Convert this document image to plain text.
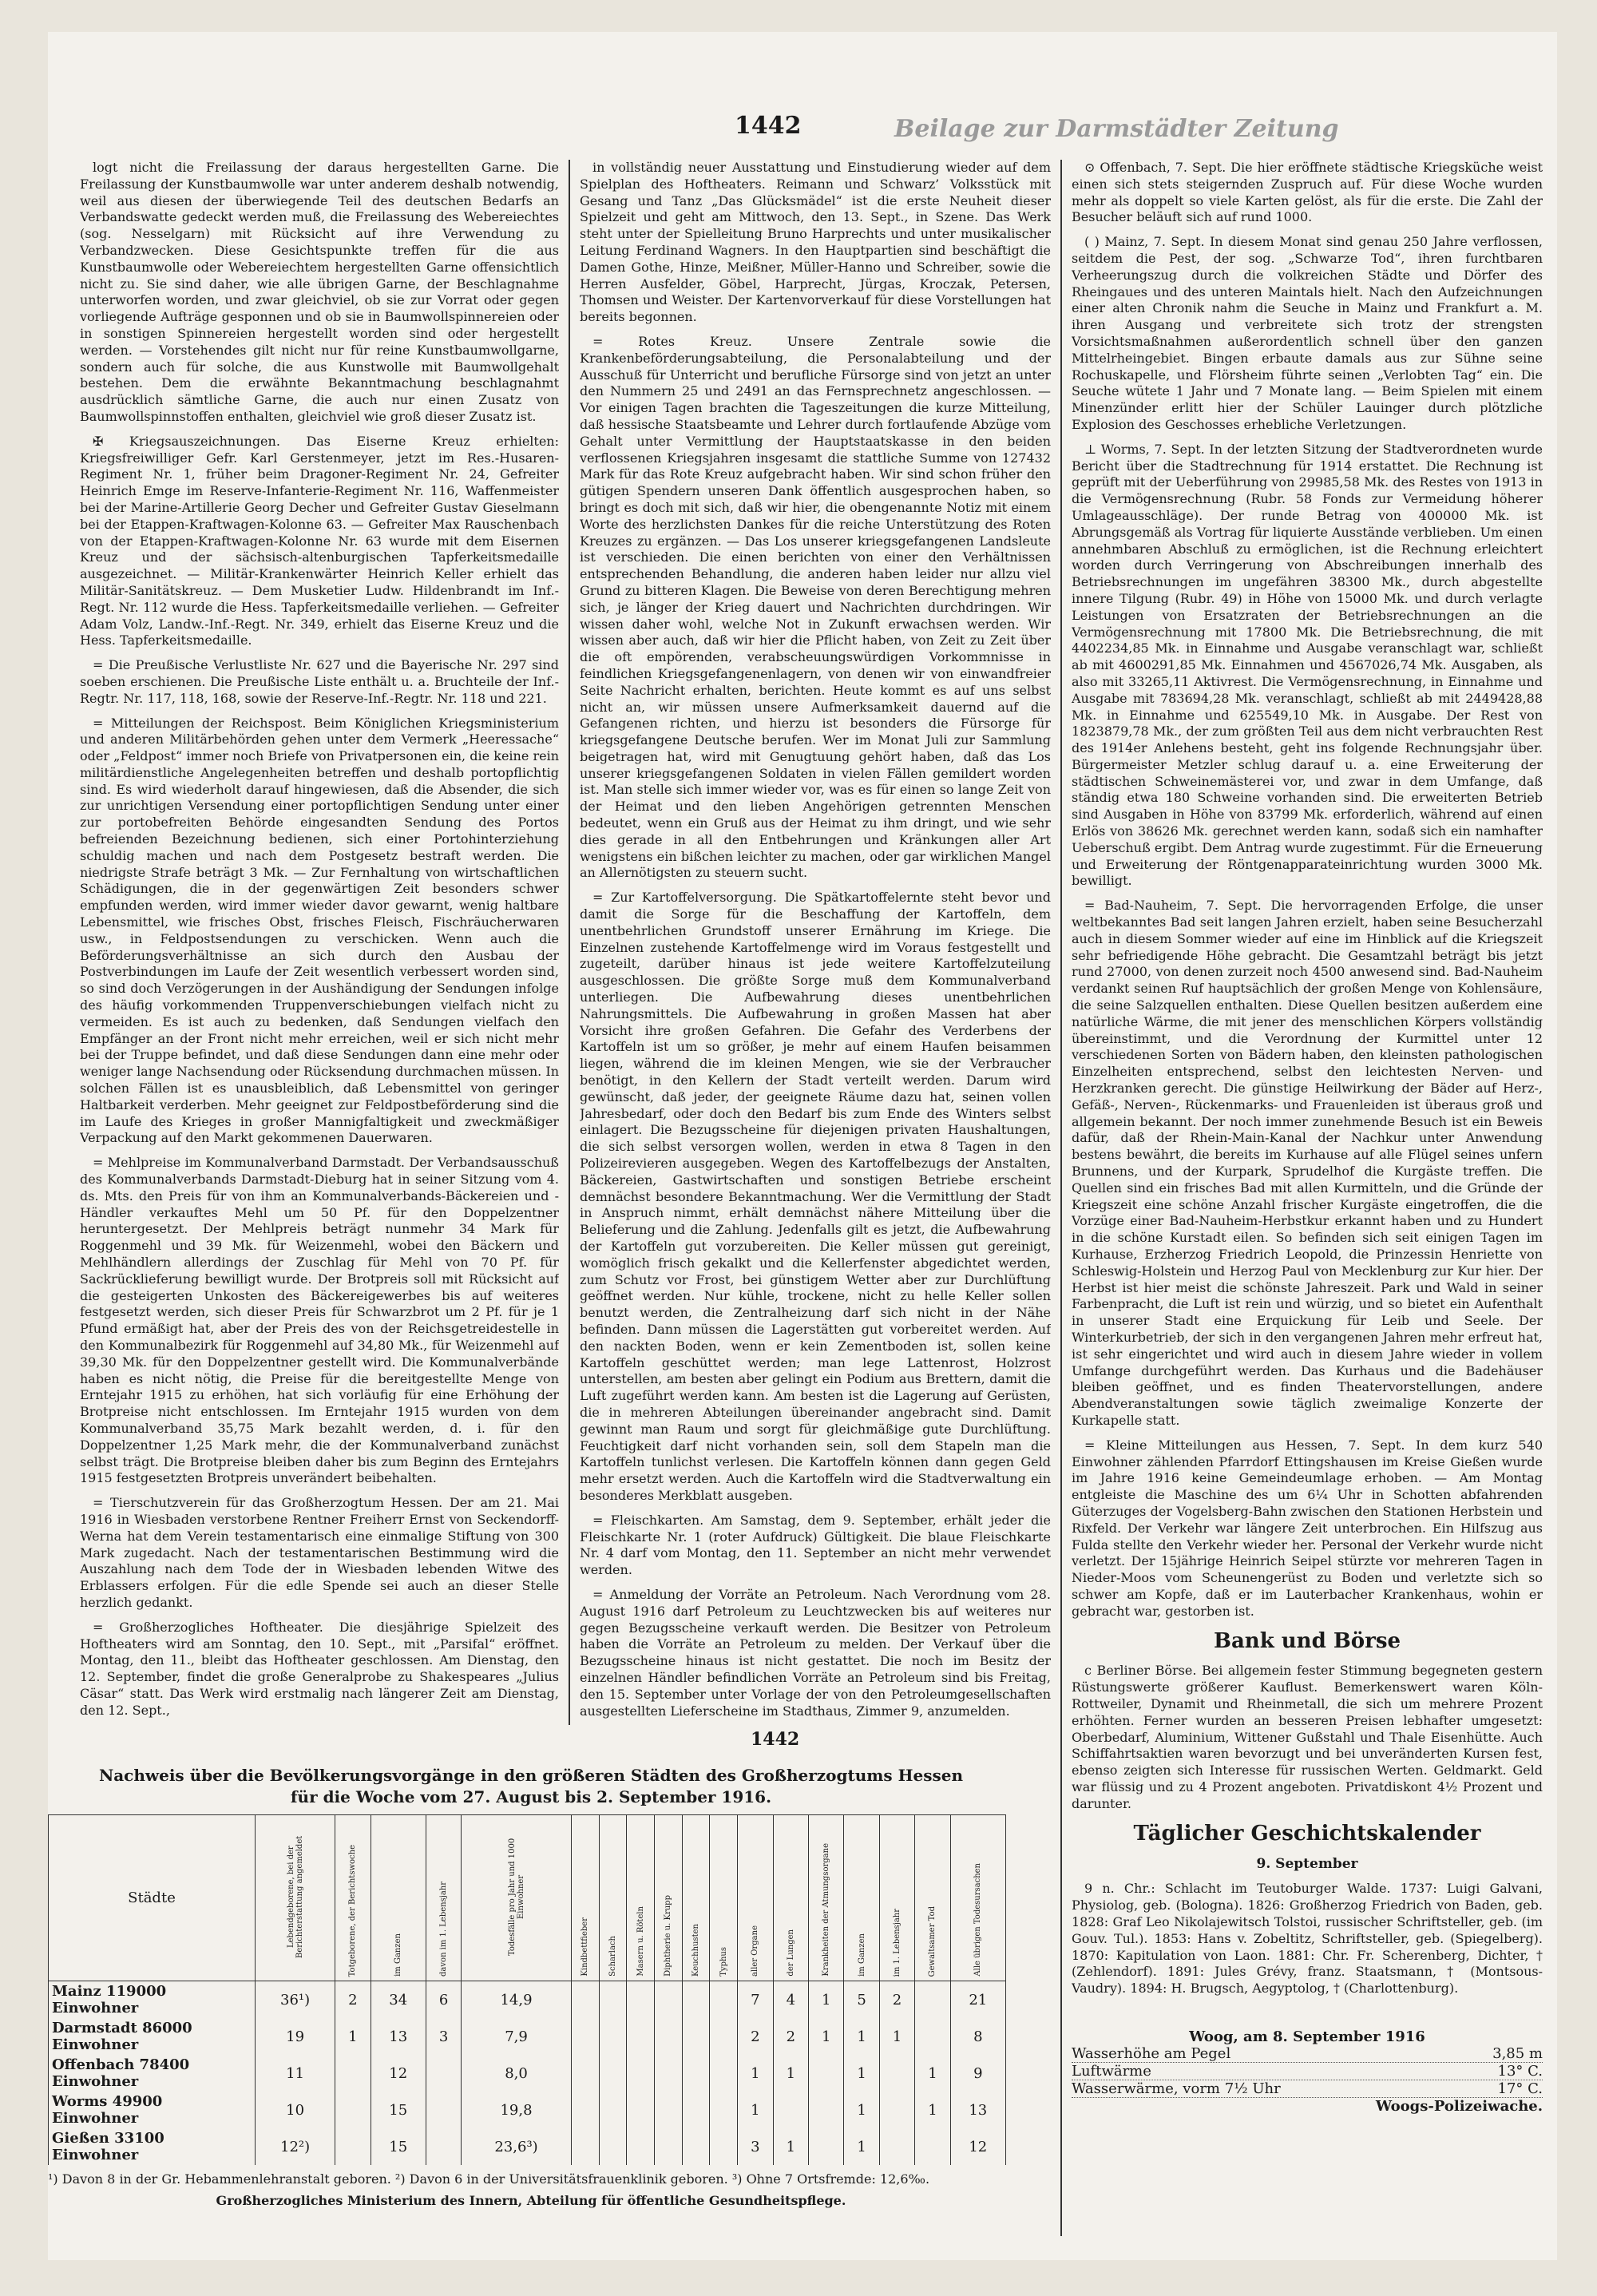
1442	Beilage zur Darmstädter Zeitung

logt nicht die Freilassung der daraus hergestellten Garne. Die Freilassung der Kunstbaumwolle war unter anderem deshalb notwendig, weil aus diesen der überwiegende Teil des deutschen Bedarfs an Verbandswatte gedeckt werden muß, die Freilassung des Webereiechtes (sog. Nesselgarn) mit Rücksicht auf ihre Verwendung zu Verbandzwecken. Diese Gesichtspunkte treffen für die aus Kunstbaumwolle oder Webereiechtem hergestellten Garne offensichtlich nicht zu. Sie sind daher, wie alle übrigen Garne, der Beschlagnahme unterworfen worden, und zwar gleichviel, ob sie zur Vorrat oder gegen vorliegende Aufträge gesponnen und ob sie in Baumwollspinnereien oder in sonstigen Spinnereien hergestellt worden sind oder hergestellt werden. — Vorstehendes gilt nicht nur für reine Kunstbaumwollgarne, sondern auch für solche, die aus Kunstwolle mit Baumwollgehalt bestehen. Dem die erwähnte Bekanntmachung beschlagnahmt ausdrücklich sämtliche Garne, die auch nur einen Zusatz von Baumwollspinnstoffen enthalten, gleichviel wie groß dieser Zusatz ist.

✠ Kriegsauszeichnungen. Das Eiserne Kreuz erhielten: Kriegsfreiwilliger Gefr. Karl Gerstenmeyer, jetzt im Res.-Husaren-Regiment Nr. 1, früher beim Dragoner-Regiment Nr. 24, Gefreiter Heinrich Emge im Reserve-Infanterie-Regiment Nr. 116, Waffenmeister bei der Marine-Artillerie Georg Decher und Gefreiter Gustav Gieselmann bei der Etappen-Kraftwagen-Kolonne 63. — Gefreiter Max Rauschenbach von der Etappen-Kraftwagen-Kolonne Nr. 63 wurde mit dem Eisernen Kreuz und der sächsisch-altenburgischen Tapferkeitsmedaille ausgezeichnet. — Militär-Krankenwärter Heinrich Keller erhielt das Militär-Sanitätskreuz. — Dem Musketier Ludw. Hildenbrandt im Inf.-Regt. Nr. 112 wurde die Hess. Tapferkeitsmedaille verliehen. — Gefreiter Adam Volz, Landw.-Inf.-Regt. Nr. 349, erhielt das Eiserne Kreuz und die Hess. Tapferkeitsmedaille.

= Die Preußische Verlustliste Nr. 627 und die Bayerische Nr. 297 sind soeben erschienen. Die Preußische Liste enthält u. a. Bruchteile der Inf.-Regtr. Nr. 117, 118, 168, sowie der Reserve-Inf.-Regtr. Nr. 118 und 221.

= Mitteilungen der Reichspost. Beim Königlichen Kriegsministerium und anderen Militärbehörden gehen unter dem Vermerk „Heeressache“ oder „Feldpost“ immer noch Briefe von Privatpersonen ein, die keine rein militärdienstliche Angelegenheiten betreffen und deshalb portopflichtig sind. Es wird wiederholt darauf hingewiesen, daß die Absender, die sich zur unrichtigen Versendung einer portopflichtigen Sendung unter einer zur portobefreiten Behörde eingesandten Sendung des Portos befreienden Bezeichnung bedienen, sich einer Portohinterziehung schuldig machen und nach dem Postgesetz bestraft werden. Die niedrigste Strafe beträgt 3 Mk. — Zur Fernhaltung von wirtschaftlichen Schädigungen, die in der gegenwärtigen Zeit besonders schwer empfunden werden, wird immer wieder davor gewarnt, wenig haltbare Lebensmittel, wie frisches Obst, frisches Fleisch, Fischräucherwaren usw., in Feldpostsendungen zu verschicken. Wenn auch die Beförderungsverhältnisse an sich durch den Ausbau der Postverbindungen im Laufe der Zeit wesentlich verbessert worden sind, so sind doch Verzögerungen in der Aushändigung der Sendungen infolge des häufig vorkommenden Truppenverschiebungen vielfach nicht zu vermeiden. Es ist auch zu bedenken, daß Sendungen vielfach den Empfänger an der Front nicht mehr erreichen, weil er sich nicht mehr bei der Truppe befindet, und daß diese Sendungen dann eine mehr oder weniger lange Nachsendung oder Rücksendung durchmachen müssen. In solchen Fällen ist es unausbleiblich, daß Lebensmittel von geringer Haltbarkeit verderben. Mehr geeignet zur Feldpostbeförderung sind die im Laufe des Krieges in großer Mannigfaltigkeit und zweckmäßiger Verpackung auf den Markt gekommenen Dauerwaren.

= Mehlpreise im Kommunalverband Darmstadt. Der Verbandsausschuß des Kommunalverbands Darmstadt-Dieburg hat in seiner Sitzung vom 4. ds. Mts. den Preis für von ihm an Kommunalverbands-Bäckereien und -Händler verkauftes Mehl um 50 Pf. für den Doppelzentner heruntergesetzt. Der Mehlpreis beträgt nunmehr 34 Mark für Roggenmehl und 39 Mk. für Weizenmehl, wobei den Bäckern und Mehlhändlern allerdings der Zuschlag für Mehl von 70 Pf. für Sackrücklieferung bewilligt wurde. Der Brotpreis soll mit Rücksicht auf die gesteigerten Unkosten des Bäckereigewerbes bis auf weiteres festgesetzt werden, sich dieser Preis für Schwarzbrot um 2 Pf. für je 1 Pfund ermäßigt hat, aber der Preis des von der Reichsgetreidestelle in den Kommunalbezirk für Roggenmehl auf 34,80 Mk., für Weizenmehl auf 39,30 Mk. für den Doppelzentner gestellt wird. Die Kommunalverbände haben es nicht nötig, die Preise für die bereitgestellte Menge von Erntejahr 1915 zu erhöhen, hat sich vorläufig für eine Erhöhung der Brotpreise nicht entschlossen. Im Erntejahr 1915 wurden von dem Kommunalverband 35,75 Mark bezahlt werden, d. i. für den Doppelzentner 1,25 Mark mehr, die der Kommunalverband zunächst selbst trägt. Die Brotpreise bleiben daher bis zum Beginn des Erntejahrs 1915 festgesetzten Brotpreis unverändert beibehalten.

= Tierschutzverein für das Großherzogtum Hessen. Der am 21. Mai 1916 in Wiesbaden verstorbene Rentner Freiherr Ernst von Seckendorff-Werna hat dem Verein testamentarisch eine einmalige Stiftung von 300 Mark zugedacht. Nach der testamentarischen Bestimmung wird die Auszahlung nach dem Tode der in Wiesbaden lebenden Witwe des Erblassers erfolgen. Für die edle Spende sei auch an dieser Stelle herzlich gedankt.

= Großherzogliches Hoftheater. Die diesjährige Spielzeit des Hoftheaters wird am Sonntag, den 10. Sept., mit „Parsifal“ eröffnet. Montag, den 11., bleibt das Hoftheater geschlossen. Am Dienstag, den 12. September, findet die große Generalprobe zu Shakespeares „Julius Cäsar“ statt. Das Werk wird erstmalig nach längerer Zeit am Dienstag, den 12. Sept.,

in vollständig neuer Ausstattung und Einstudierung wieder auf dem Spielplan des Hoftheaters. Reimann und Schwarz’ Volksstück mit Gesang und Tanz „Das Glücksmädel“ ist die erste Neuheit dieser Spielzeit und geht am Mittwoch, den 13. Sept., in Szene. Das Werk steht unter der Spielleitung Bruno Harprechts und unter musikalischer Leitung Ferdinand Wagners. In den Hauptpartien sind beschäftigt die Damen Gothe, Hinze, Meißner, Müller-Hanno und Schreiber, sowie die Herren Ausfelder, Göbel, Harprecht, Jürgas, Kroczak, Petersen, Thomsen und Weister. Der Kartenvorverkauf für diese Vorstellungen hat bereits begonnen.

= Rotes Kreuz. Unsere Zentrale sowie die Krankenbeförderungsabteilung, die Personalabteilung und der Ausschuß für Unterricht und berufliche Fürsorge sind von jetzt an unter den Nummern 25 und 2491 an das Fernsprechnetz angeschlossen. — Vor einigen Tagen brachten die Tageszeitungen die kurze Mitteilung, daß hessische Staatsbeamte und Lehrer durch fortlaufende Abzüge vom Gehalt unter Vermittlung der Hauptstaatskasse in den beiden verflossenen Kriegsjahren insgesamt die stattliche Summe von 127432 Mark für das Rote Kreuz aufgebracht haben. Wir sind schon früher den gütigen Spendern unseren Dank öffentlich ausgesprochen haben, so bringt es doch mit sich, daß wir hier, die obengenannte Notiz mit einem Worte des herzlichsten Dankes für die reiche Unterstützung des Roten Kreuzes zu ergänzen. — Das Los unserer kriegsgefangenen Landsleute ist verschieden. Die einen berichten von einer den Verhältnissen entsprechenden Behandlung, die anderen haben leider nur allzu viel Grund zu bitteren Klagen. Die Beweise von deren Berechtigung mehren sich, je länger der Krieg dauert und Nachrichten durchdringen. Wir wissen daher wohl, welche Not in Zukunft erwachsen werden. Wir wissen aber auch, daß wir hier die Pflicht haben, von Zeit zu Zeit über die oft empörenden, verabscheuungswürdigen Vorkommnisse in feindlichen Kriegsgefangenenlagern, von denen wir von einwandfreier Seite Nachricht erhalten, berichten. Heute kommt es auf uns selbst nicht an, wir müssen unsere Aufmerksamkeit dauernd auf die Gefangenen richten, und hierzu ist besonders die Fürsorge für kriegsgefangene Deutsche berufen. Wer im Monat Juli zur Sammlung beigetragen hat, wird mit Genugtuung gehört haben, daß das Los unserer kriegsgefangenen Soldaten in vielen Fällen gemildert worden ist. Man stelle sich immer wieder vor, was es für einen so lange Zeit von der Heimat und den lieben Angehörigen getrennten Menschen bedeutet, wenn ein Gruß aus der Heimat zu ihm dringt, und wie sehr dies gerade in all den Entbehrungen und Kränkungen aller Art wenigstens ein bißchen leichter zu machen, oder gar wirklichen Mangel an Allernötigsten zu steuern sucht.

= Zur Kartoffelversorgung. Die Spätkartoffelernte steht bevor und damit die Sorge für die Beschaffung der Kartoffeln, dem unentbehrlichen Grundstoff unserer Ernährung im Kriege. Die Einzelnen zustehende Kartoffelmenge wird im Voraus festgestellt und zugeteilt, darüber hinaus ist jede weitere Kartoffelzuteilung ausgeschlossen. Die größte Sorge muß dem Kommunalverband unterliegen. Die Aufbewahrung dieses unentbehrlichen Nahrungsmittels. Die Aufbewahrung in großen Massen hat aber Vorsicht ihre großen Gefahren. Die Gefahr des Verderbens der Kartoffeln ist um so größer, je mehr auf einem Haufen beisammen liegen, während die im kleinen Mengen, wie sie der Verbraucher benötigt, in den Kellern der Stadt verteilt werden. Darum wird gewünscht, daß jeder, der geeignete Räume dazu hat, seinen vollen Jahresbedarf, oder doch den Bedarf bis zum Ende des Winters selbst einlagert. Die Bezugsscheine für diejenigen privaten Haushaltungen, die sich selbst versorgen wollen, werden in etwa 8 Tagen in den Polizeirevieren ausgegeben. Wegen des Kartoffelbezugs der Anstalten, Bäckereien, Gastwirtschaften und sonstigen Betriebe erscheint demnächst besondere Bekanntmachung. Wer die Vermittlung der Stadt in Anspruch nimmt, erhält demnächst nähere Mitteilung über die Belieferung und die Zahlung. Jedenfalls gilt es jetzt, die Aufbewahrung der Kartoffeln gut vorzubereiten. Die Keller müssen gut gereinigt, womöglich frisch gekalkt und die Kellerfenster abgedichtet werden, zum Schutz vor Frost, bei günstigem Wetter aber zur Durchlüftung geöffnet werden. Nur kühle, trockene, nicht zu helle Keller sollen benutzt werden, die Zentralheizung darf sich nicht in der Nähe befinden. Dann müssen die Lagerstätten gut vorbereitet werden. Auf den nackten Boden, wenn er kein Zementboden ist, sollen keine Kartoffeln geschüttet werden; man lege Lattenrost, Holzrost unterstellen, am besten aber gelingt ein Podium aus Brettern, damit die Luft zugeführt werden kann. Am besten ist die Lagerung auf Gerüsten, die in mehreren Abteilungen übereinander angebracht sind. Damit gewinnt man Raum und sorgt für gleichmäßige gute Durchlüftung. Feuchtigkeit darf nicht vorhanden sein, soll dem Stapeln man die Kartoffeln tunlichst verlesen. Die Kartoffeln können dann gegen Geld mehr ersetzt werden. Auch die Kartoffeln wird die Stadtverwaltung ein besonderes Merkblatt ausgeben.

= Fleischkarten. Am Samstag, dem 9. September, erhält jeder die Fleischkarte Nr. 1 (roter Aufdruck) Gültigkeit. Die blaue Fleischkarte Nr. 4 darf vom Montag, den 11. September an nicht mehr verwendet werden.

= Anmeldung der Vorräte an Petroleum. Nach Verordnung vom 28. August 1916 darf Petroleum zu Leuchtzwecken bis auf weiteres nur gegen Bezugsscheine verkauft werden. Die Besitzer von Petroleum haben die Vorräte an Petroleum zu melden. Der Verkauf über die Bezugsscheine hinaus ist nicht gestattet. Die noch im Besitz der einzelnen Händler befindlichen Vorräte an Petroleum sind bis Freitag, den 15. September unter Vorlage der von den Petroleumgesellschaften ausgestellten Lieferscheine im Stadthaus, Zimmer 9, anzumelden.

⊙ Offenbach, 7. Sept. Die hier eröffnete städtische Kriegsküche weist einen sich stets steigernden Zuspruch auf. Für diese Woche wurden mehr als doppelt so viele Karten gelöst, als für die erste. Die Zahl der Besucher beläuft sich auf rund 1000.

( ) Mainz, 7. Sept. In diesem Monat sind genau 250 Jahre verflossen, seitdem die Pest, der sog. „Schwarze Tod“, ihren furchtbaren Verheerungszug durch die volkreichen Städte und Dörfer des Rheingaues und des unteren Maintals hielt. Nach den Aufzeichnungen einer alten Chronik nahm die Seuche in Mainz und Frankfurt a. M. ihren Ausgang und verbreitete sich trotz der strengsten Vorsichtsmaßnahmen außerordentlich schnell über den ganzen Mittelrheingebiet. Bingen erbaute damals aus zur Sühne seine Rochuskapelle, und Flörsheim führte seinen „Verlobten Tag“ ein. Die Seuche wütete 1 Jahr und 7 Monate lang. — Beim Spielen mit einem Minenzünder erlitt hier der Schüler Lauinger durch plötzliche Explosion des Geschosses erhebliche Verletzungen.

⊥ Worms, 7. Sept. In der letzten Sitzung der Stadtverordneten wurde Bericht über die Stadtrechnung für 1914 erstattet. Die Rechnung ist geprüft mit der Ueberführung von 29985,58 Mk. des Restes von 1913 in die Vermögensrechnung (Rubr. 58 Fonds zur Vermeidung höherer Umlageausschläge). Der runde Betrag von 400000 Mk. ist Abrungsgemäß als Vortrag für liquierte Ausstände verblieben. Um einen annehmbaren Abschluß zu ermöglichen, ist die Rechnung erleichtert worden durch Verringerung von Abschreibungen innerhalb des Betriebsrechnungen im ungefähren 38300 Mk., durch abgestellte innere Tilgung (Rubr. 49) in Höhe von 15000 Mk. und durch verlagte Leistungen von Ersatzraten der Betriebsrechnungen an die Vermögensrechnung mit 17800 Mk. Die Betriebsrechnung, die mit 4402234,85 Mk. in Einnahme und Ausgabe veranschlagt war, schließt ab mit 4600291,85 Mk. Einnahmen und 4567026,74 Mk. Ausgaben, als also mit 33265,11 Aktivrest. Die Vermögensrechnung, in Einnahme und Ausgabe mit 783694,28 Mk. veranschlagt, schließt ab mit 2449428,88 Mk. in Einnahme und 625549,10 Mk. in Ausgabe. Der Rest von 1823879,78 Mk., der zum größten Teil aus dem nicht verbrauchten Rest des 1914er Anlehens besteht, geht ins folgende Rechnungsjahr über. Bürgermeister Metzler schlug darauf u. a. eine Erweiterung der städtischen Schweinemästerei vor, und zwar in dem Umfange, daß ständig etwa 180 Schweine vorhanden sind. Die erweiterten Betrieb sind Ausgaben in Höhe von 83799 Mk. erforderlich, während auf einen Erlös von 38626 Mk. gerechnet werden kann, sodaß sich ein namhafter Ueberschuß ergibt. Dem Antrag wurde zugestimmt. Für die Erneuerung und Erweiterung der Röntgenapparateinrichtung wurden 3000 Mk. bewilligt.

= Bad-Nauheim, 7. Sept. Die hervorragenden Erfolge, die unser weltbekanntes Bad seit langen Jahren erzielt, haben seine Besucherzahl auch in diesem Sommer wieder auf eine im Hinblick auf die Kriegszeit sehr befriedigende Höhe gebracht. Die Gesamtzahl beträgt bis jetzt rund 27000, von denen zurzeit noch 4500 anwesend sind. Bad-Nauheim verdankt seinen Ruf hauptsächlich der großen Menge von Kohlensäure, die seine Salzquellen enthalten. Diese Quellen besitzen außerdem eine natürliche Wärme, die mit jener des menschlichen Körpers vollständig übereinstimmt, und die Verordnung der Kurmittel unter 12 verschiedenen Sorten von Bädern haben, den kleinsten pathologischen Einzelheiten entsprechend, selbst den leichtesten Nerven- und Herzkranken gerecht. Die günstige Heilwirkung der Bäder auf Herz-, Gefäß-, Nerven-, Rückenmarks- und Frauenleiden ist überaus groß und allgemein bekannt. Der noch immer zunehmende Besuch ist ein Beweis dafür, daß der Rhein-Main-Kanal der Nachkur unter Anwendung bestens bewährt, die bereits im Kurhause auf alle Flügel seines unfern Brunnens, und der Kurpark, Sprudelhof die Kurgäste treffen. Die Quellen sind ein frisches Bad mit allen Kurmitteln, und die Gründe der Kriegszeit eine schöne Anzahl frischer Kurgäste eingetroffen, die die Vorzüge einer Bad-Nauheim-Herbstkur erkannt haben und zu Hundert in die schöne Kurstadt eilen. So befinden sich seit einigen Tagen im Kurhause, Erzherzog Friedrich Leopold, die Prinzessin Henriette von Schleswig-Holstein und Herzog Paul von Mecklenburg zur Kur hier. Der Herbst ist hier meist die schönste Jahreszeit. Park und Wald in seiner Farbenpracht, die Luft ist rein und würzig, und so bietet ein Aufenthalt in unserer Stadt eine Erquickung für Leib und Seele. Der Winterkurbetrieb, der sich in den vergangenen Jahren mehr erfreut hat, ist sehr eingerichtet und wird auch in diesem Jahre wieder in vollem Umfange durchgeführt werden. Das Kurhaus und die Badehäuser bleiben geöffnet, und es finden Theatervorstellungen, andere Abendveranstaltungen sowie täglich zweimalige Konzerte der Kurkapelle statt.

= Kleine Mitteilungen aus Hessen, 7. Sept. In dem kurz 540 Einwohner zählenden Pfarrdorf Ettingshausen im Kreise Gießen wurde im Jahre 1916 keine Gemeindeumlage erhoben. — Am Montag entgleiste die Maschine des um 6¼ Uhr in Schotten abfahrenden Güterzuges der Vogelsberg-Bahn zwischen den Stationen Herbstein und Rixfeld. Der Verkehr war längere Zeit unterbrochen. Ein Hilfszug aus Fulda stellte den Verkehr wieder her. Personal der Verkehr wurde nicht verletzt. Der 15jährige Heinrich Seipel stürzte vor mehreren Tagen in Nieder-Moos vom Scheunengerüst zu Boden und verletzte sich so schwer am Kopfe, daß er im Lauterbacher Krankenhaus, wohin er gebracht war, gestorben ist.

Bank und Börse

c Berliner Börse. Bei allgemein fester Stimmung begegneten gestern Rüstungswerte größerer Kauflust. Bemerkenswert waren Köln-Rottweiler, Dynamit und Rheinmetall, die sich um mehrere Prozent erhöhten. Ferner wurden an besseren Preisen lebhafter umgesetzt: Oberbedarf, Aluminium, Wittener Gußstahl und Thale Eisenhütte. Auch Schiffahrtsaktien waren bevorzugt und bei unveränderten Kursen fest, ebenso zeigten sich Interesse für russischen Werten. Geldmarkt. Geld war flüssig und zu 4 Prozent angeboten. Privatdiskont 4½ Prozent und darunter.

Täglicher Geschichtskalender

9. September

9 n. Chr.: Schlacht im Teutoburger Walde. 1737: Luigi Galvani, Physiolog, geb. (Bologna). 1826: Großherzog Friedrich von Baden, geb. 1828: Graf Leo Nikolajewitsch Tolstoi, russischer Schriftsteller, geb. (im Gouv. Tul.). 1853: Hans v. Zobeltitz, Schriftsteller, geb. (Spiegelberg). 1870: Kapitulation von Laon. 1881: Chr. Fr. Scherenberg, Dichter, † (Zehlendorf). 1891: Jules Grévy, franz. Staatsmann, † (Montsous-Vaudry). 1894: H. Brugsch, Aegyptolog, † (Charlottenburg).

1442
Nachweis über die Bevölkerungsvorgänge in den größeren Städten des Großherzogtums Hessen
für die Woche vom 27. August bis 2. September 1916.
Städte	Lebendgeborene, bei der Berichterstattung angemeldet	Totgeborene, der Berichtswoche	im Ganzen	davon im 1. Lebensjahr	Todesfälle pro Jahr und 1000 Einwohner	Kindbettfieber	Scharlach	Masern u. Röteln	Diphtherie u. Krupp	Keuchhusten	Typhus	aller Organe	der Lungen	Krankheiten der Atmungsorgane	im Ganzen	im 1. Lebensjahr	Gewaltsamer Tod	Alle übrigen Todesursachen
Mainz 119000 Einwohner	36¹)	2	34	6	14,9							7	4	1	5	2		21
Darmstadt 86000 Einwohner	19	1	13	3	7,9							2	2	1	1	1		8
Offenbach 78400 Einwohner	11		12		8,0							1	1		1		1	9
Worms 49900 Einwohner	10		15		19,8							1			1		1	13
Gießen 33100 Einwohner	12²)		15		23,6³)							3	1		1			12
¹) Davon 8 in der Gr. Hebammenlehranstalt geboren. ²) Davon 6 in der Universitätsfrauenklinik geboren. ³) Ohne 7 Ortsfremde: 12,6‰.
Großherzogliches Ministerium des Innern, Abteilung für öffentliche Gesundheitspflege.
Woog, am 8. September 1916
Wasserhöhe am Pegel	3,85 m
Luftwärme	13° C.
Wasserwärme, vorm 7½ Uhr	17° C.
Woogs-Polizeiwache.
